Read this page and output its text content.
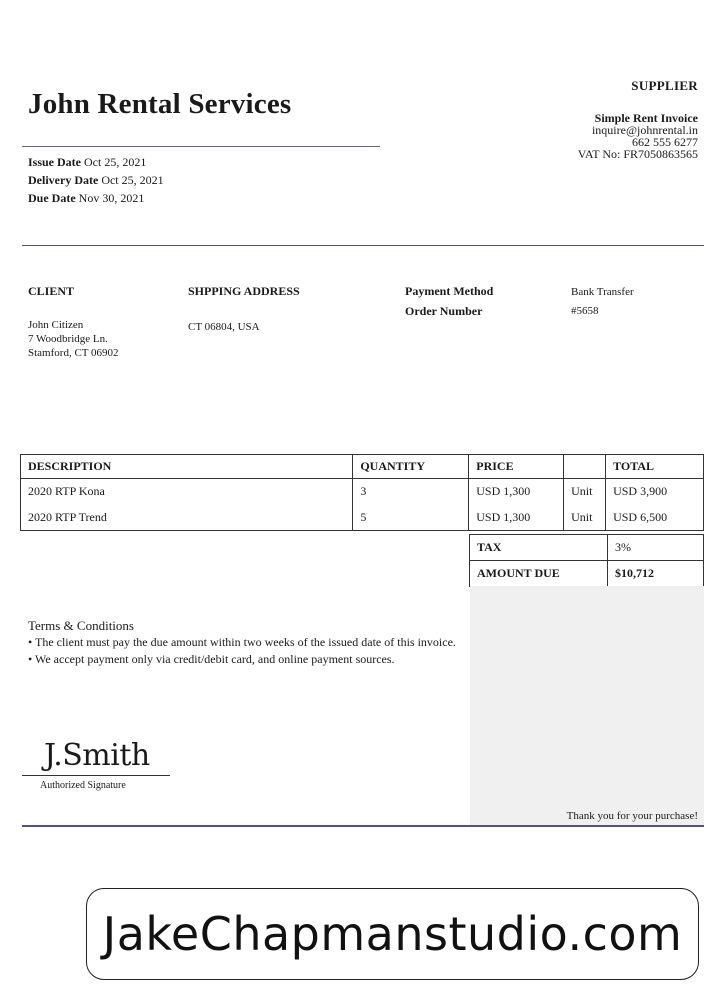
John Rental Services
Issue Date Oct 25, 2021
Delivery Date Oct 25, 2021
Due Date Nov 30, 2021
SUPPLIER
Simple Rent Invoice
inquire@johnrental.in
662 555 6277
VAT No: FR7050863565
CLIENT
John Citizen
7 Woodbridge Ln.
Stamford, CT 06902
SHPPING ADDRESS
CT 06804, USA
Payment Method	Bank Transfer
Order Number	#5658
DESCRIPTION	QUANTITY	PRICE		TOTAL
2020 RTP Kona	3	USD 1,300	Unit	USD 3,900
2020 RTP Trend	5	USD 1,300	Unit	USD 6,500
TAX	3%
AMOUNT DUE	$10,712
Thank you for your purchase!
Terms & Conditions
• The client must pay the due amount within two weeks of the issued date of this invoice.
• We accept payment only via credit/debit card, and online payment sources.
J.Smith
Authorized Signature
JakeChapmanstudio.com
